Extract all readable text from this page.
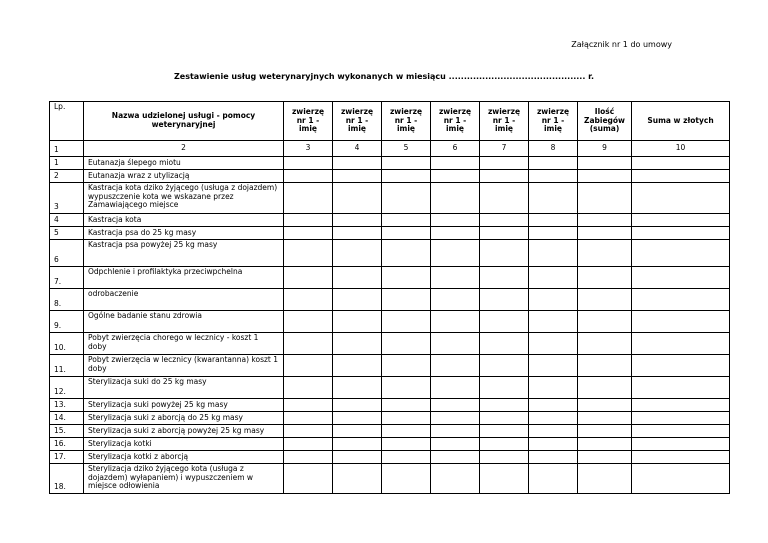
Załącznik nr 1 do umowy
Zestawienie usług weterynaryjnych wykonanych w miesiącu ............................................. r.
Lp.	Nazwa udzielonej usługi - pomocy weterynaryjnej	zwierzę nr 1 - imię	zwierzę nr 1 - imię	zwierzę nr 1 - imię	zwierzę nr 1 - imię	zwierzę nr 1 - imię	zwierzę nr 1 - imię	Ilość Zabiegów (suma)	Suma w złotych
1	2	3	4	5	6	7	8	9	10
1	Eutanazja ślepego miotu								
2	Eutanazja wraz z utylizacją								
3	Kastracja kota dziko żyjącego (usługa z dojazdem) wypuszczenie kota we wskazane przez Zamawiającego miejsce								
4	Kastracja kota								
5	Kastracja psa do 25 kg masy								
6	Kastracja psa powyżej 25 kg masy								
7.	Odpchlenie i profilaktyka przeciwpchelna								
8.	odrobaczenie								
9.	Ogólne badanie stanu zdrowia								
10.	Pobyt zwierzęcia chorego w lecznicy - koszt 1 doby								
11.	Pobyt zwierzęcia w lecznicy (kwarantanna) koszt 1 doby								
12.	Sterylizacja suki do 25 kg masy								
13.	Sterylizacja suki powyżej 25 kg masy								
14.	Sterylizacja suki z aborcją do 25 kg masy								
15.	Sterylizacja suki z aborcją powyżej 25 kg masy								
16.	Sterylizacja kotki								
17.	Sterylizacja kotki z aborcją								
18.	Sterylizacja dziko żyjącego kota (usługa z dojazdem) wyłapaniem) i wypuszczeniem w miejsce odłowienia								
